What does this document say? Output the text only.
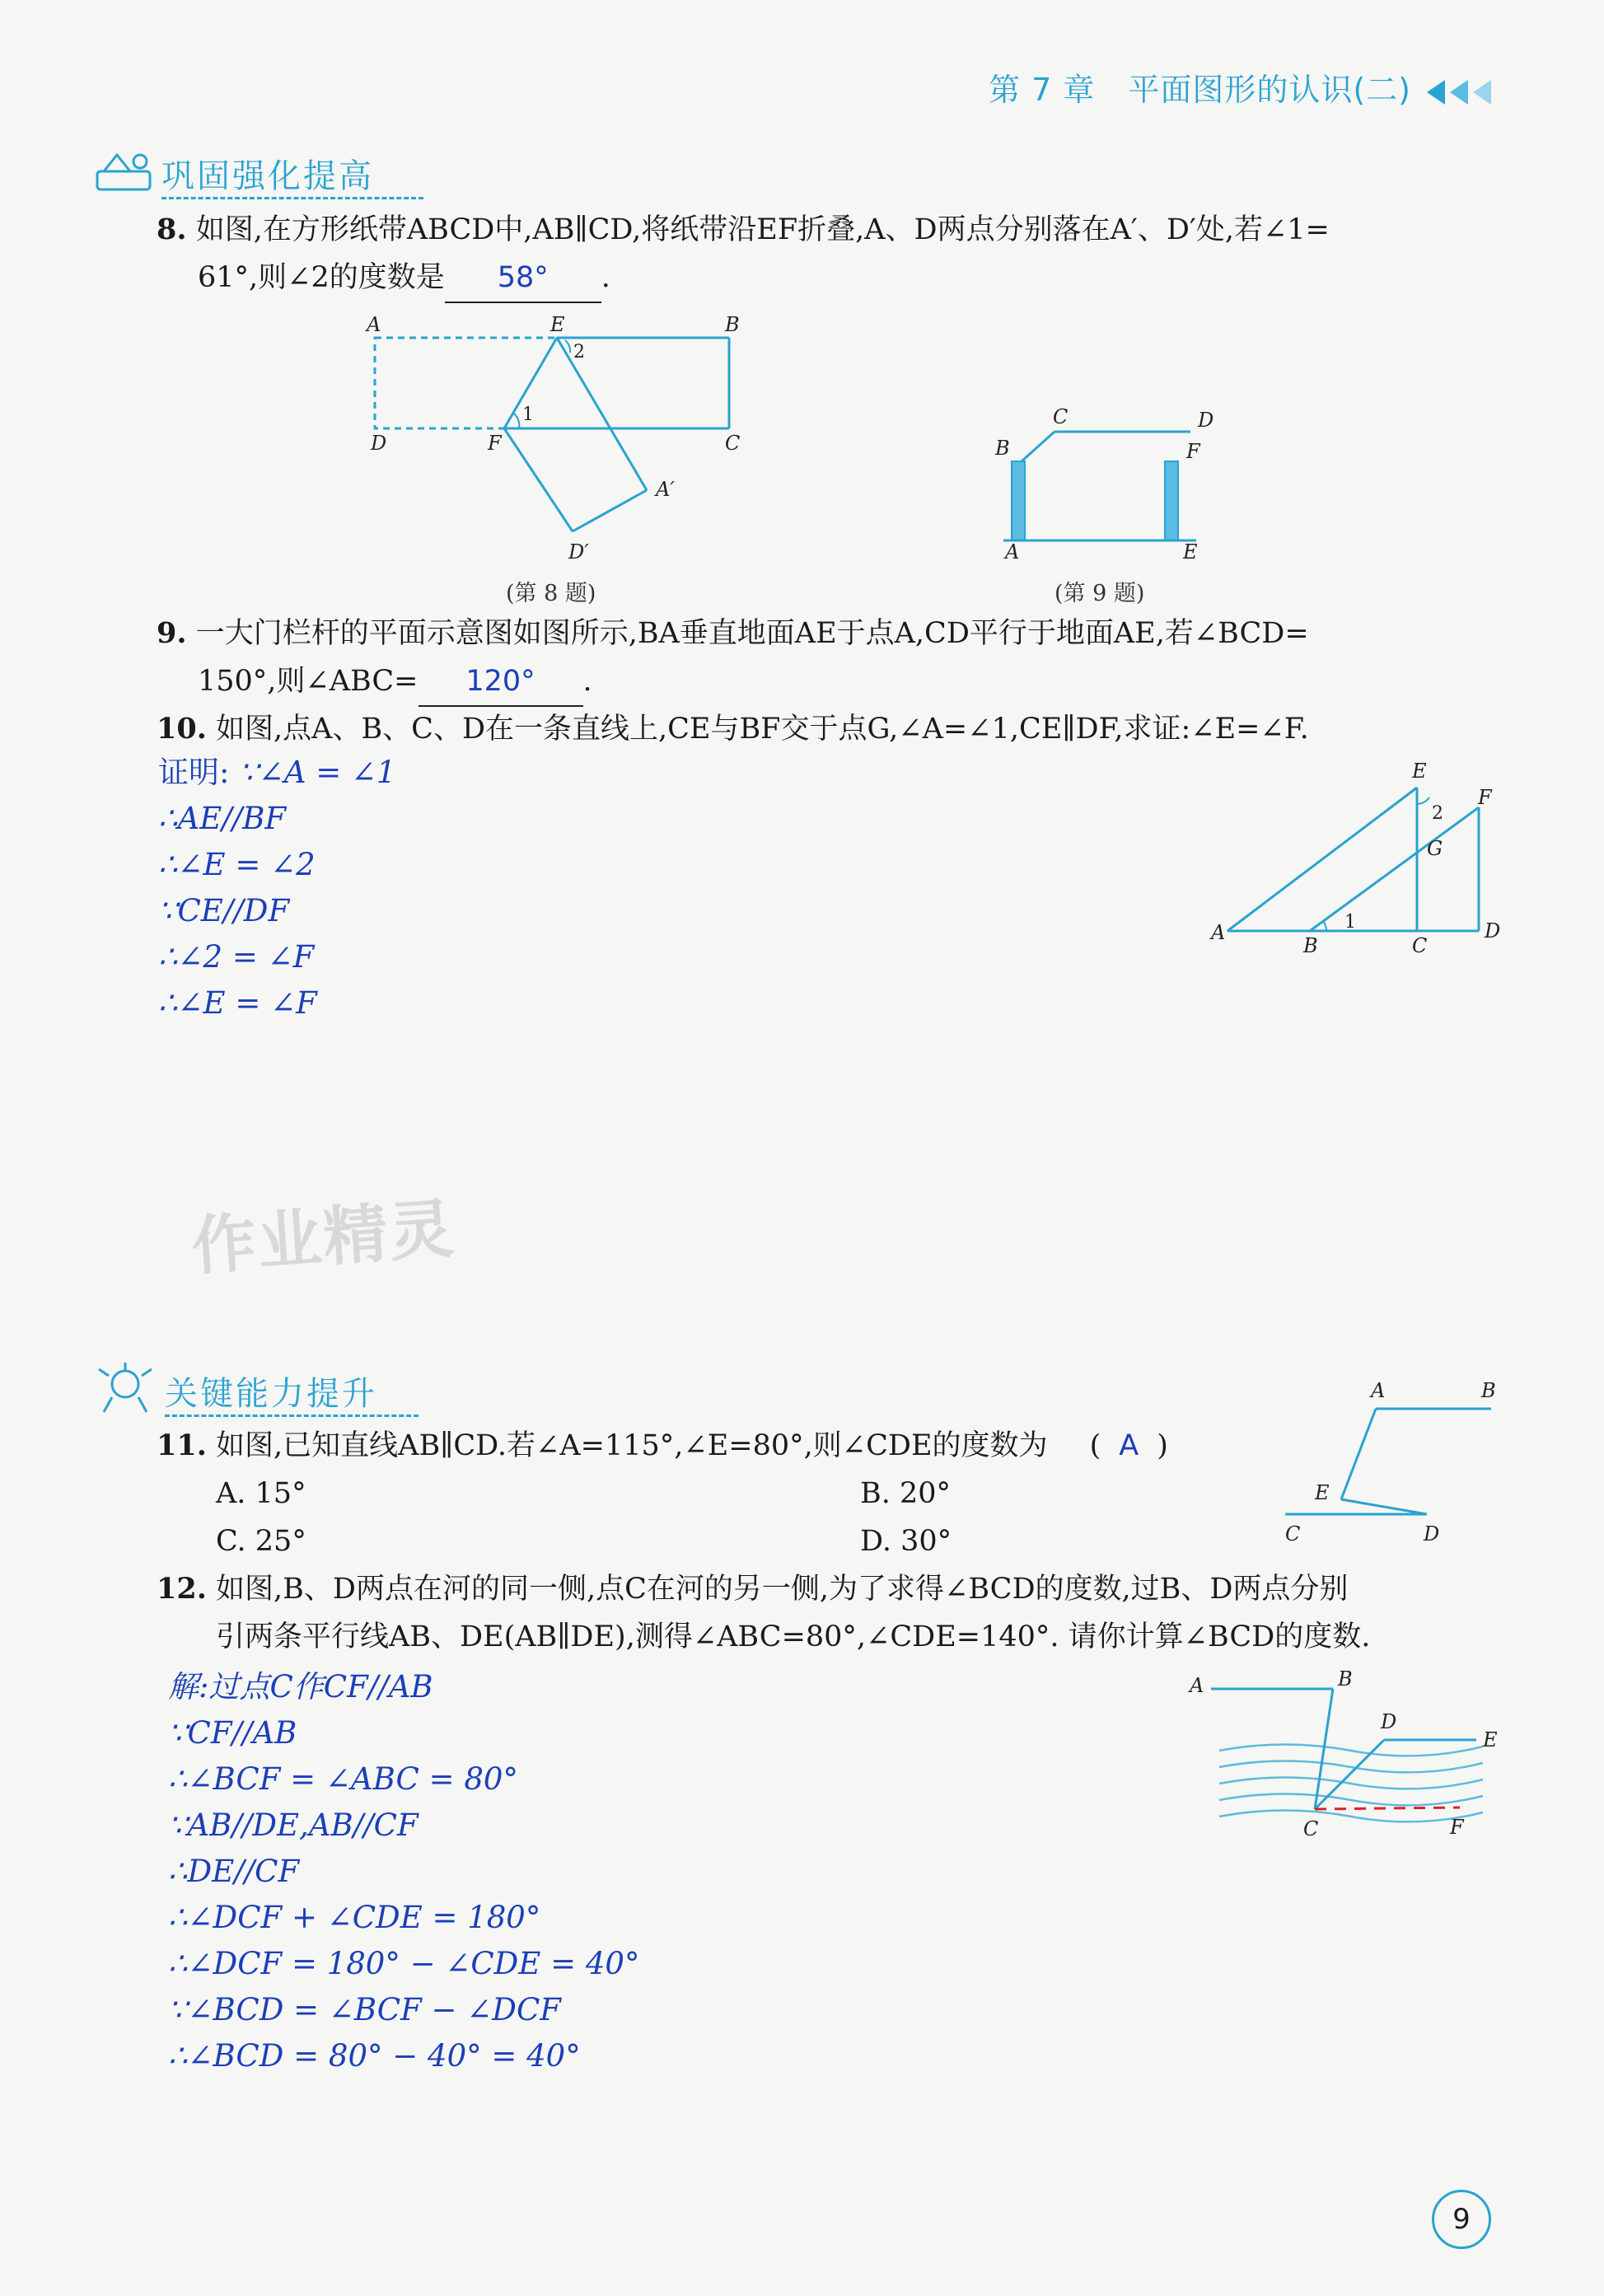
第 7 章 平面图形的认识(二)
巩固强化提高
8. 如图,在方形纸带ABCD中,AB∥CD,将纸带沿EF折叠,A、D两点分别落在A′、D′处,若∠1=
61°,则∠2的度数是 58° .
A	E	B
2
1
D	F	C
A′
D′
(第 8 题)
B
C	D
F
A	E
(第 9 题)
9. 一大门栏杆的平面示意图如图所示,BA垂直地面AE于点A,CD平行于地面AE,若∠BCD=
150°,则∠ABC= 120° .
10. 如图,点A、B、C、D在一条直线上,CE与BF交于点G,∠A=∠1,CE∥DF,求证:∠E=∠F.
证明: ∵∠A = ∠1
∴AE//BF
∴∠E = ∠2
∵CE//DF
∴∠2 = ∠F
∴∠E = ∠F
E
F
2
G
1
A
B	C
D
作业精灵
关键能力提升
11. 如图,已知直线AB∥CD.若∠A=115°,∠E=80°,则∠CDE的度数为 ( A )
A. 15°	B. 20°
C. 25°	D. 30°
A	B
E
C	D
12. 如图,B、D两点在河的同一侧,点C在河的另一侧,为了求得∠BCD的度数,过B、D两点分别
引两条平行线AB、DE(AB∥DE),测得∠ABC=80°,∠CDE=140°. 请你计算∠BCD的度数.
解:过点C作CF//AB
∵CF//AB
∴∠BCF = ∠ABC = 80°
∵AB//DE,AB//CF
∴DE//CF
∴∠DCF + ∠CDE = 180°
∴∠DCF = 180° − ∠CDE = 40°
∵∠BCD = ∠BCF − ∠DCF
∴∠BCD = 80° − 40° = 40°
A	B
D
E
C	F
9
